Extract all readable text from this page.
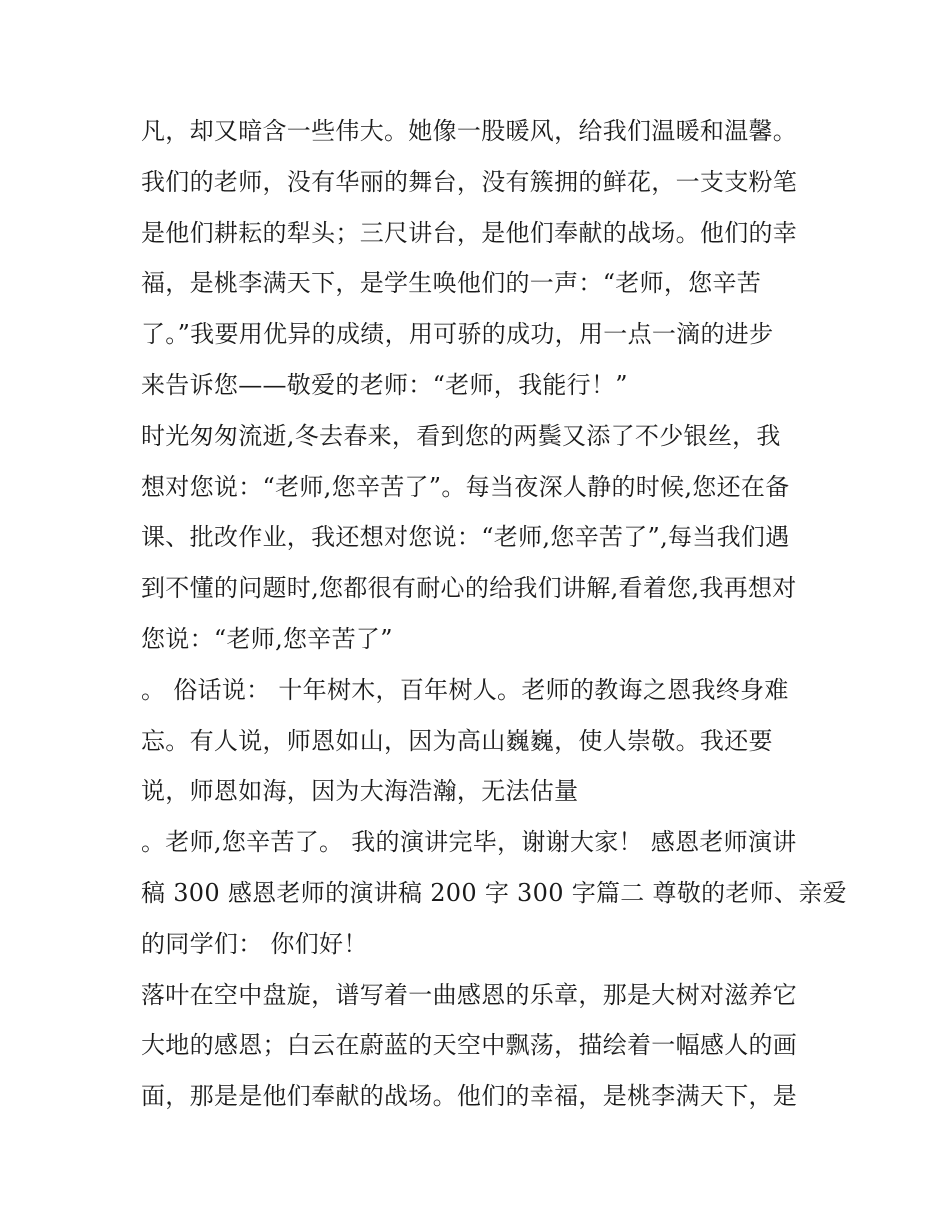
凡，却又暗含一些伟大。她像一股暖风，给我们温暖和温馨。
我们的老师，没有华丽的舞台，没有簇拥的鲜花，一支支粉笔
是他们耕耘的犁头；三尺讲台，是他们奉献的战场。他们的幸
福，是桃李满天下，是学生唤他们的一声：“老师，您辛苦
了。”我要用优异的成绩，用可骄的成功，用一点一滴的进步
来告诉您——敬爱的老师：“老师，我能行！”
时光匆匆流逝,冬去春来，看到您的两鬓又添了不少银丝，我
想对您说：“老师,您辛苦了”。每当夜深人静的时候,您还在备
课、批改作业，我还想对您说：“老师,您辛苦了”,每当我们遇
到不懂的问题时,您都很有耐心的给我们讲解,看着您,我再想对
您说：“老师,您辛苦了”
。 俗话说： 十年树木，百年树人。老师的教诲之恩我终身难
忘。有人说，师恩如山，因为高山巍巍，使人崇敬。我还要
说，师恩如海，因为大海浩瀚，无法估量
。老师,您辛苦了。 我的演讲完毕，谢谢大家！ 感恩老师演讲
稿 300 感恩老师的演讲稿 200 字 300 字篇二 尊敬的老师、亲爱
的同学们： 你们好！
落叶在空中盘旋，谱写着一曲感恩的乐章，那是大树对滋养它
大地的感恩；白云在蔚蓝的天空中飘荡，描绘着一幅感人的画
面，那是是他们奉献的战场。他们的幸福，是桃李满天下，是
